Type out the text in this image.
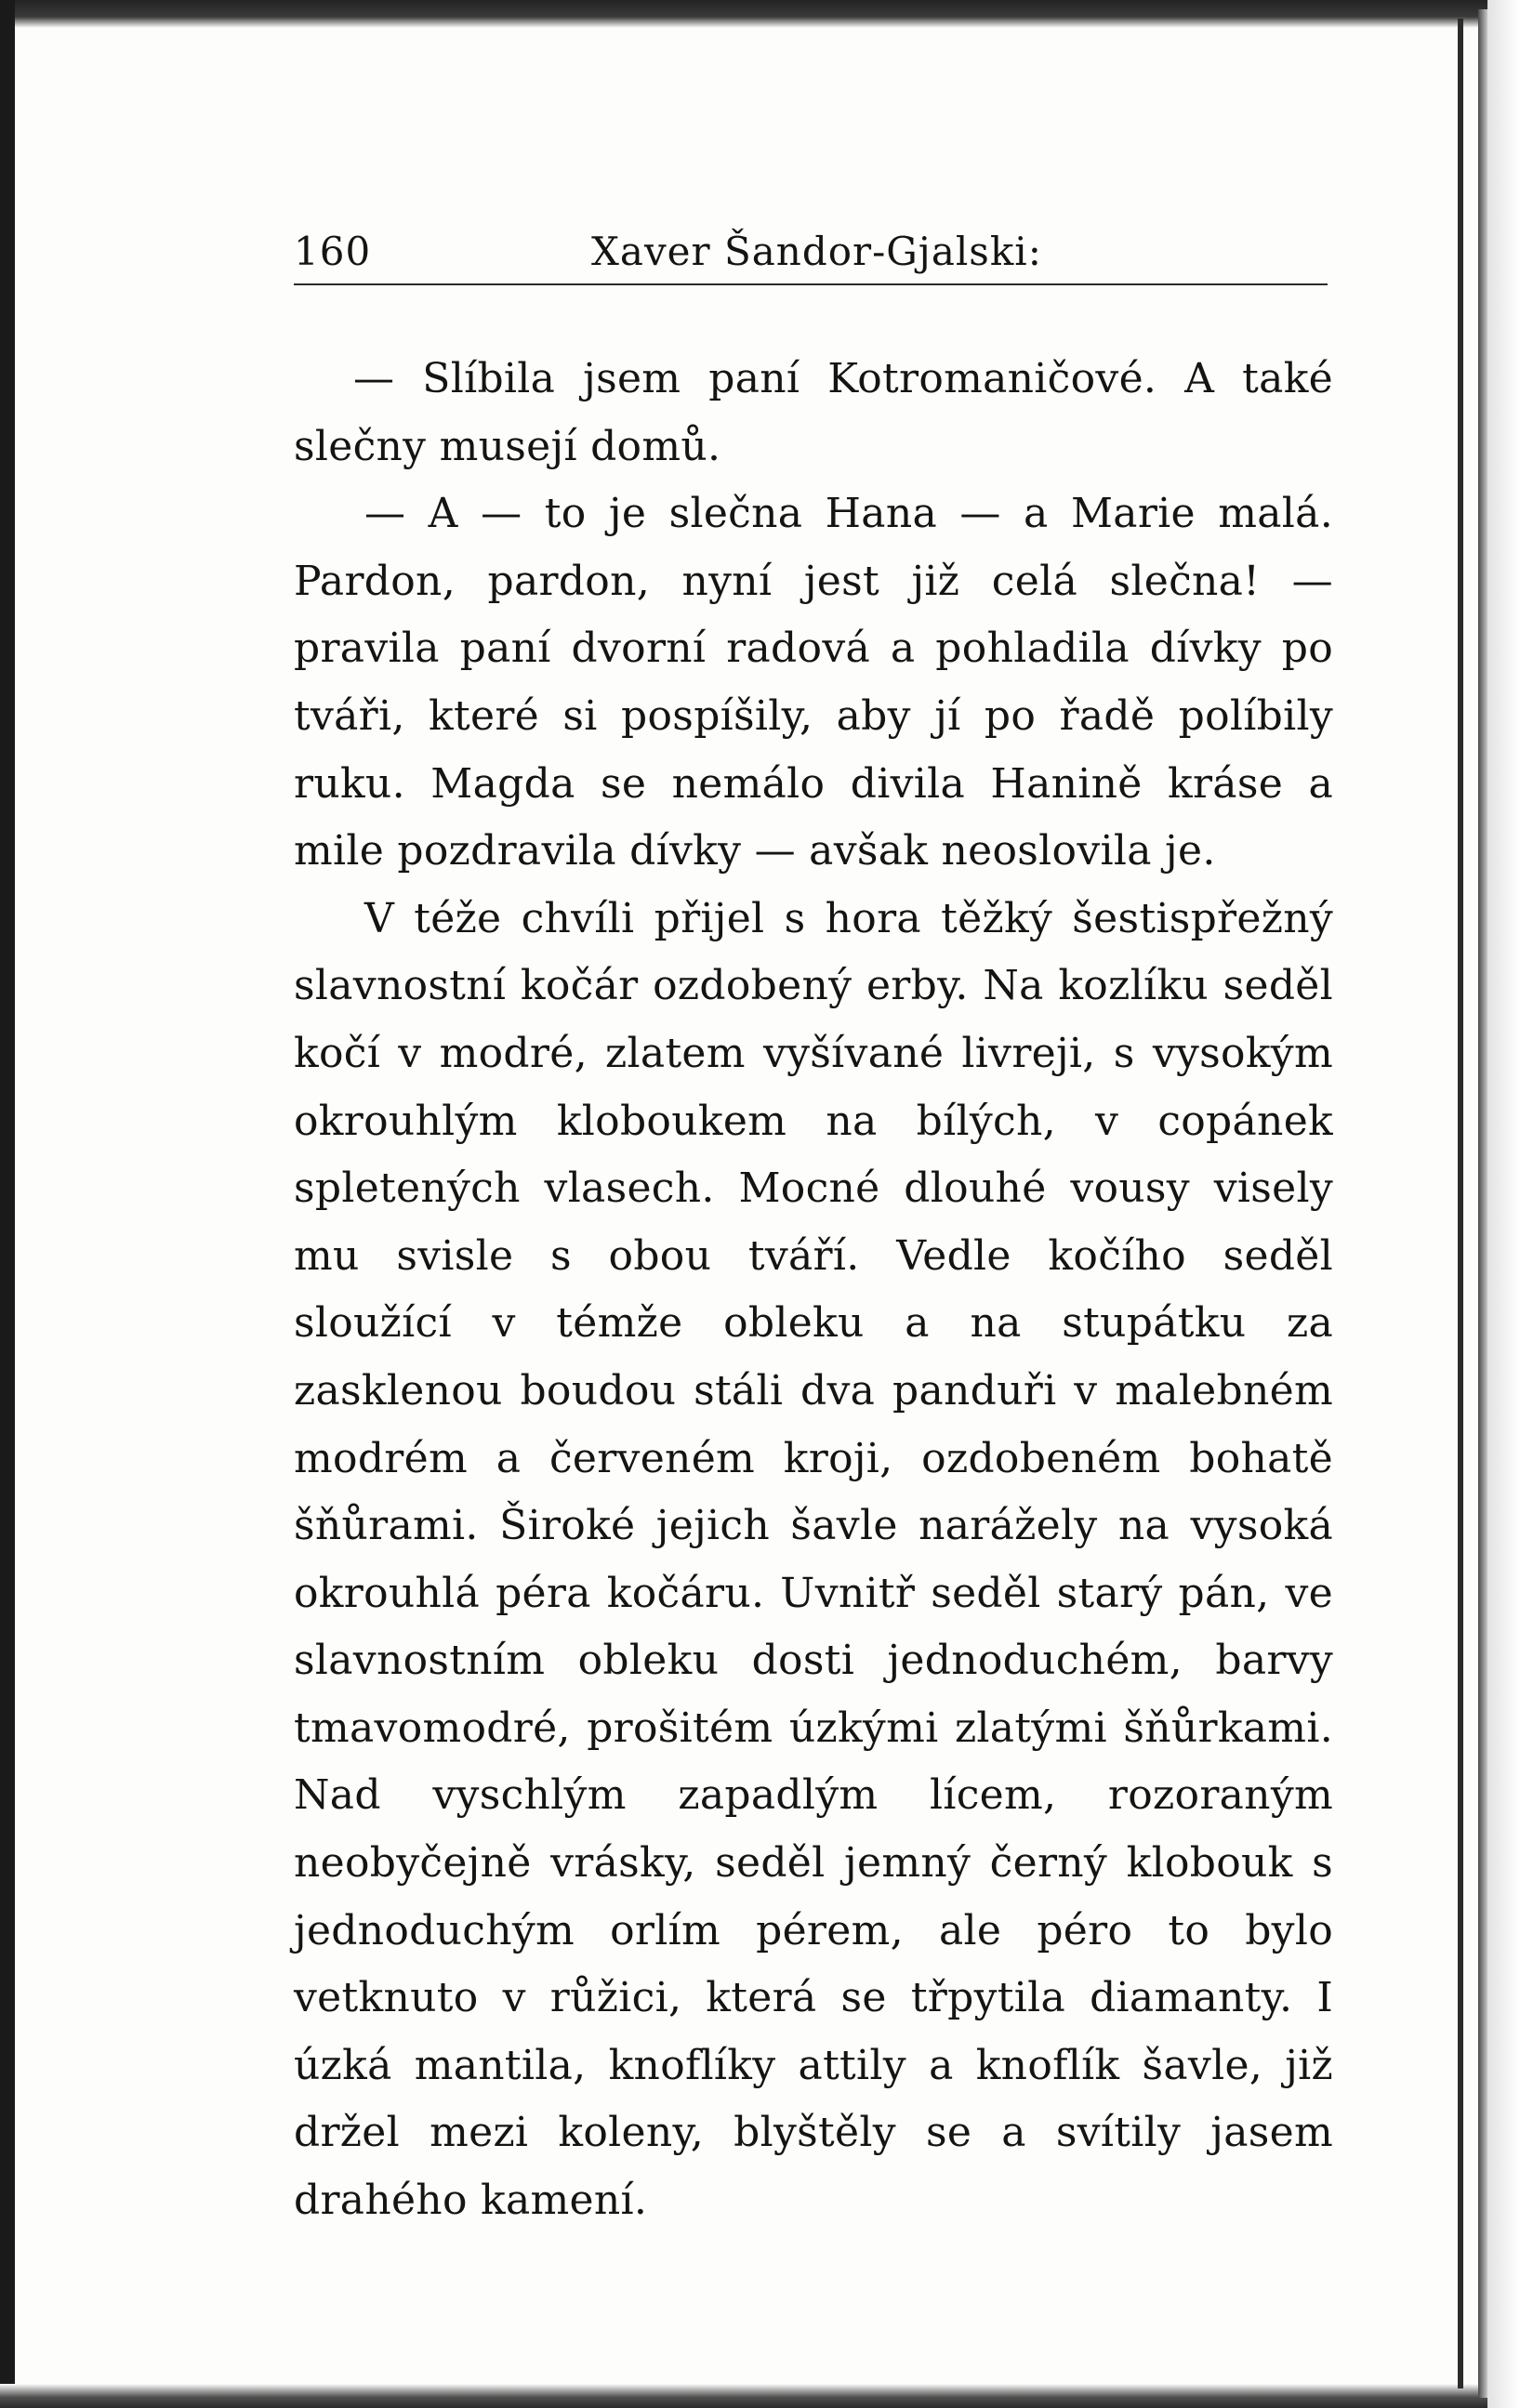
160	Xaver Šandor-Gjalski:

— Slíbila jsem paní Kotromaničové. A také slečny musejí domů.

— A — to je slečna Hana — a Marie malá. Pardon, pardon, nyní jest již celá slečna! — pravila paní dvorní radová a pohladila dívky po tváři, které si pospíšily, aby jí po řadě políbily ruku. Magda se nemálo divila Hanině kráse a mile pozdravila dívky — avšak neoslovila je.

V téže chvíli přijel s hora těžký šestispřežný slavnostní kočár ozdobený erby. Na kozlíku seděl kočí v modré, zlatem vyšívané livreji, s vysokým okrouhlým kloboukem na bílých, v copánek spletených vlasech. Mocné dlouhé vousy visely mu svisle s obou tváří. Vedle kočího seděl sloužící v témže obleku a na stupátku za zasklenou boudou stáli dva panduři v malebném modrém a červeném kroji, ozdobeném bohatě šňůrami. Široké jejich šavle narážely na vysoká okrouhlá péra kočáru. Uvnitř seděl starý pán, ve slavnostním obleku dosti jednoduchém, barvy tmavomodré, prošitém úzkými zlatými šňůrkami. Nad vyschlým zapadlým lícem, rozoraným neobyčejně vrásky, seděl jemný černý klobouk s jednoduchým orlím pérem, ale péro to bylo vetknuto v růžici, která se třpytila diamanty. I úzká mantila, knoflíky attily a knoflík šavle, již držel mezi koleny, blyštěly se a svítily jasem drahého kamení.
